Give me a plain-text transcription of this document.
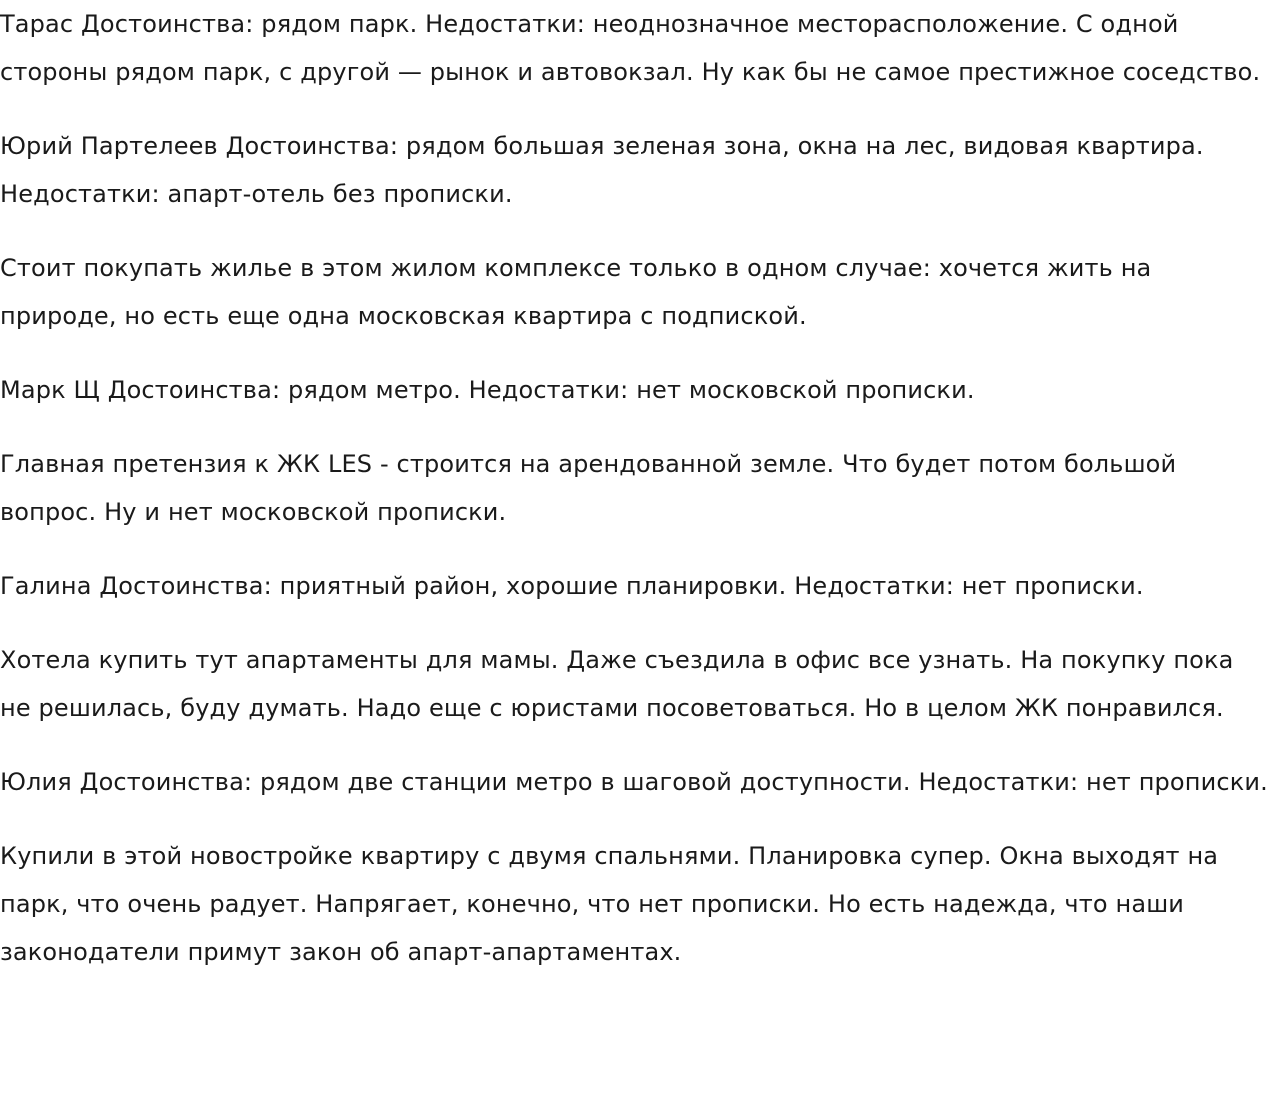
Тарас Достоинства: рядом парк. Недостатки: неоднозначное месторасположение. С одной стороны рядом парк, с другой — рынок и автовокзал. Ну как бы не самое престижное соседство.

Юрий Партелеев Достоинства: рядом большая зеленая зона, окна на лес, видовая квартира. Недостатки: апарт-отель без прописки.

Стоит покупать жилье в этом жилом комплексе только в одном случае: хочется жить на природе, но есть еще одна московская квартира с подпиской.

Марк Щ Достоинства: рядом метро. Недостатки: нет московской прописки.

Главная претензия к ЖК LES - строится на арендованной земле. Что будет потом большой вопрос. Ну и нет московской прописки.

Галина Достоинства: приятный район, хорошие планировки. Недостатки: нет прописки.

Хотела купить тут апартаменты для мамы. Даже съездила в офис все узнать. На покупку пока не решилась, буду думать. Надо еще с юристами посоветоваться. Но в целом ЖК понравился.

Юлия Достоинства: рядом две станции метро в шаговой доступности. Недостатки: нет прописки.

Купили в этой новостройке квартиру с двумя спальнями. Планировка супер. Окна выходят на парк, что очень радует. Напрягает, конечно, что нет прописки. Но есть надежда, что наши законодатели примут закон об апарт-апартаментах.
